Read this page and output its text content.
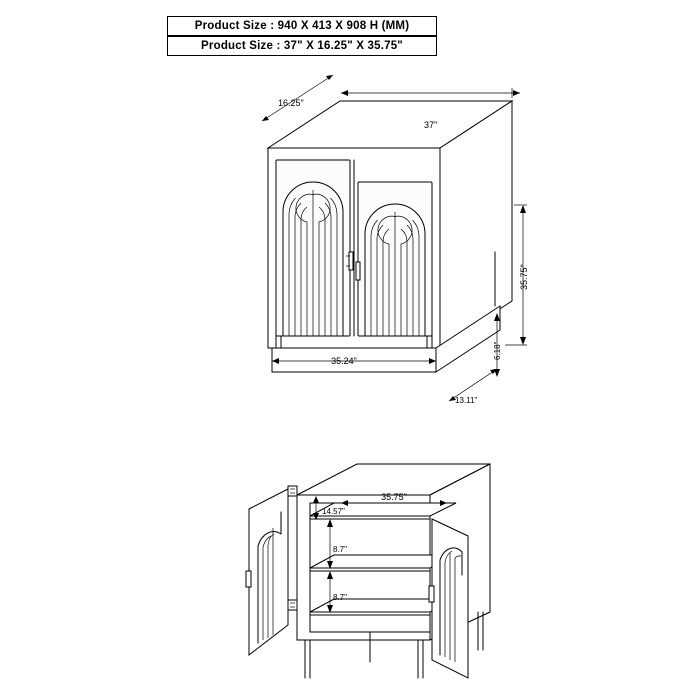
Product Size : 940 X 413 X 908 H (MM)
Product Size : 37" X 16.25" X 35.75"
16.25"
37"
35.75"
35.24"
6.18"
13.11"
35.75"
14.57"
8.7"
8.7"
